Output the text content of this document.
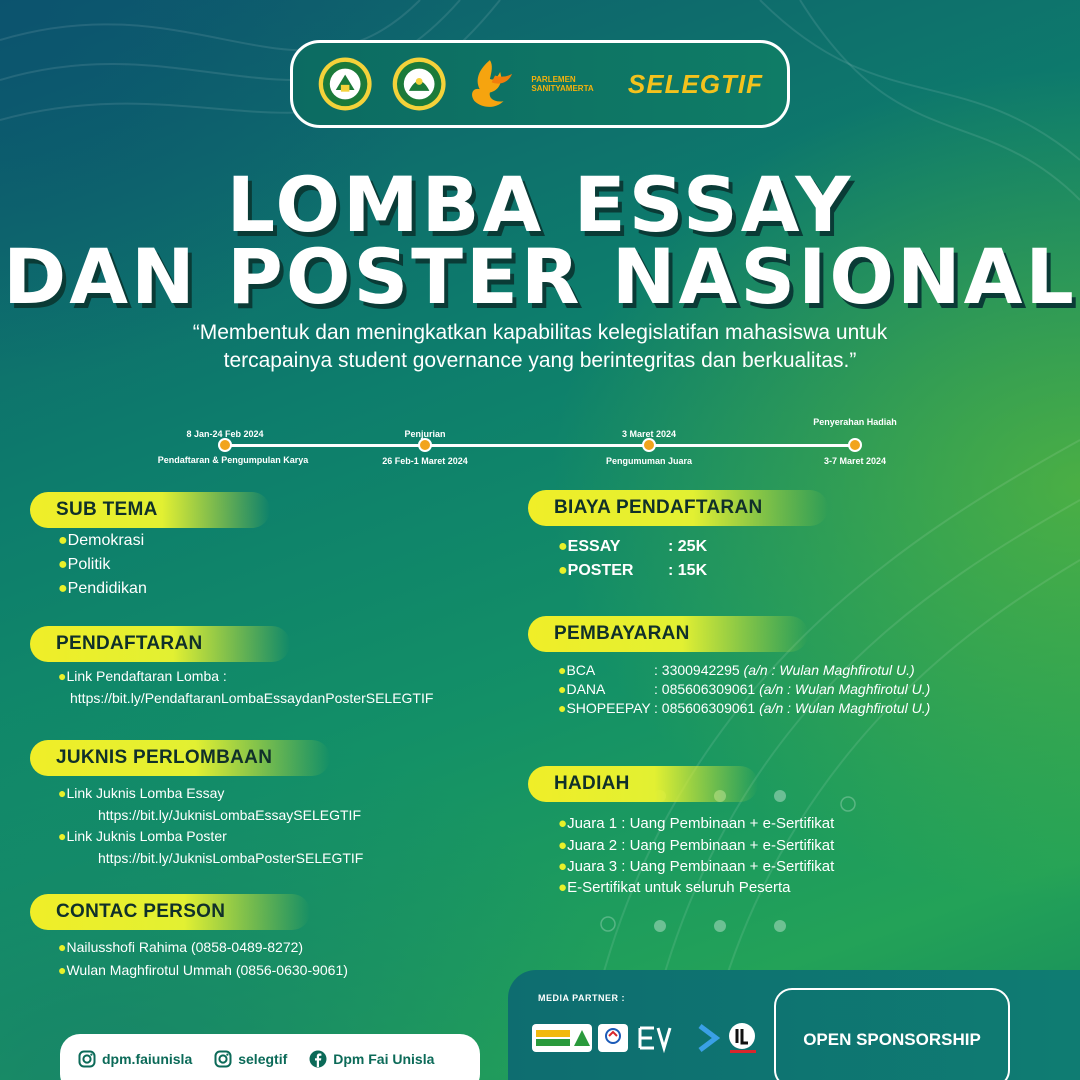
PARLEMEN SANITYAMERTA	SELEGTIF
LOMBA ESSAY
DAN POSTER NASIONAL
“Membentuk dan meningkatkan kapabilitas kelegislatifan mahasiswa untuk
tercapainya student governance yang berintegritas dan berkualitas.”
8 Jan-24 Feb 2024
Pendaftaran & Pengumpulan Karya
Penjurian
26 Feb-1 Maret 2024
3 Maret 2024
Pengumuman Juara
Penyerahan Hadiah
3-7 Maret 2024
SUB TEMA
●Demokrasi
●Politik
●Pendidikan
PENDAFTARAN
●Link Pendaftaran Lomba :
https://bit.ly/PendaftaranLombaEssaydanPosterSELEGTIF
JUKNIS PERLOMBAAN
●Link Juknis Lomba Essay
https://bit.ly/JuknisLombaEssaySELEGTIF
●Link Juknis Lomba Poster
https://bit.ly/JuknisLombaPosterSELEGTIF
CONTAC PERSON
●Nailusshofi Rahima (0858-0489-8272)
●Wulan Maghfirotul Ummah (0856-0630-9061)
BIAYA PENDAFTARAN
●ESSAY	: 25K
●POSTER : 15K
PEMBAYARAN
●BCA	: 3300942295 (a/n : Wulan Maghfirotul U.)
●DANA	: 085606309061 (a/n : Wulan Maghfirotul U.)
●SHOPEEPAY : 085606309061 (a/n : Wulan Maghfirotul U.)
HADIAH
●Juara 1 : Uang Pembinaan + e-Sertifikat
●Juara 2 : Uang Pembinaan + e-Sertifikat
●Juara 3 : Uang Pembinaan + e-Sertifikat
●E-Sertifikat untuk seluruh Peserta
dpm.faiunisla	selegtif	Dpm Fai Unisla
MEDIA PARTNER :
OPEN SPONSORSHIP
